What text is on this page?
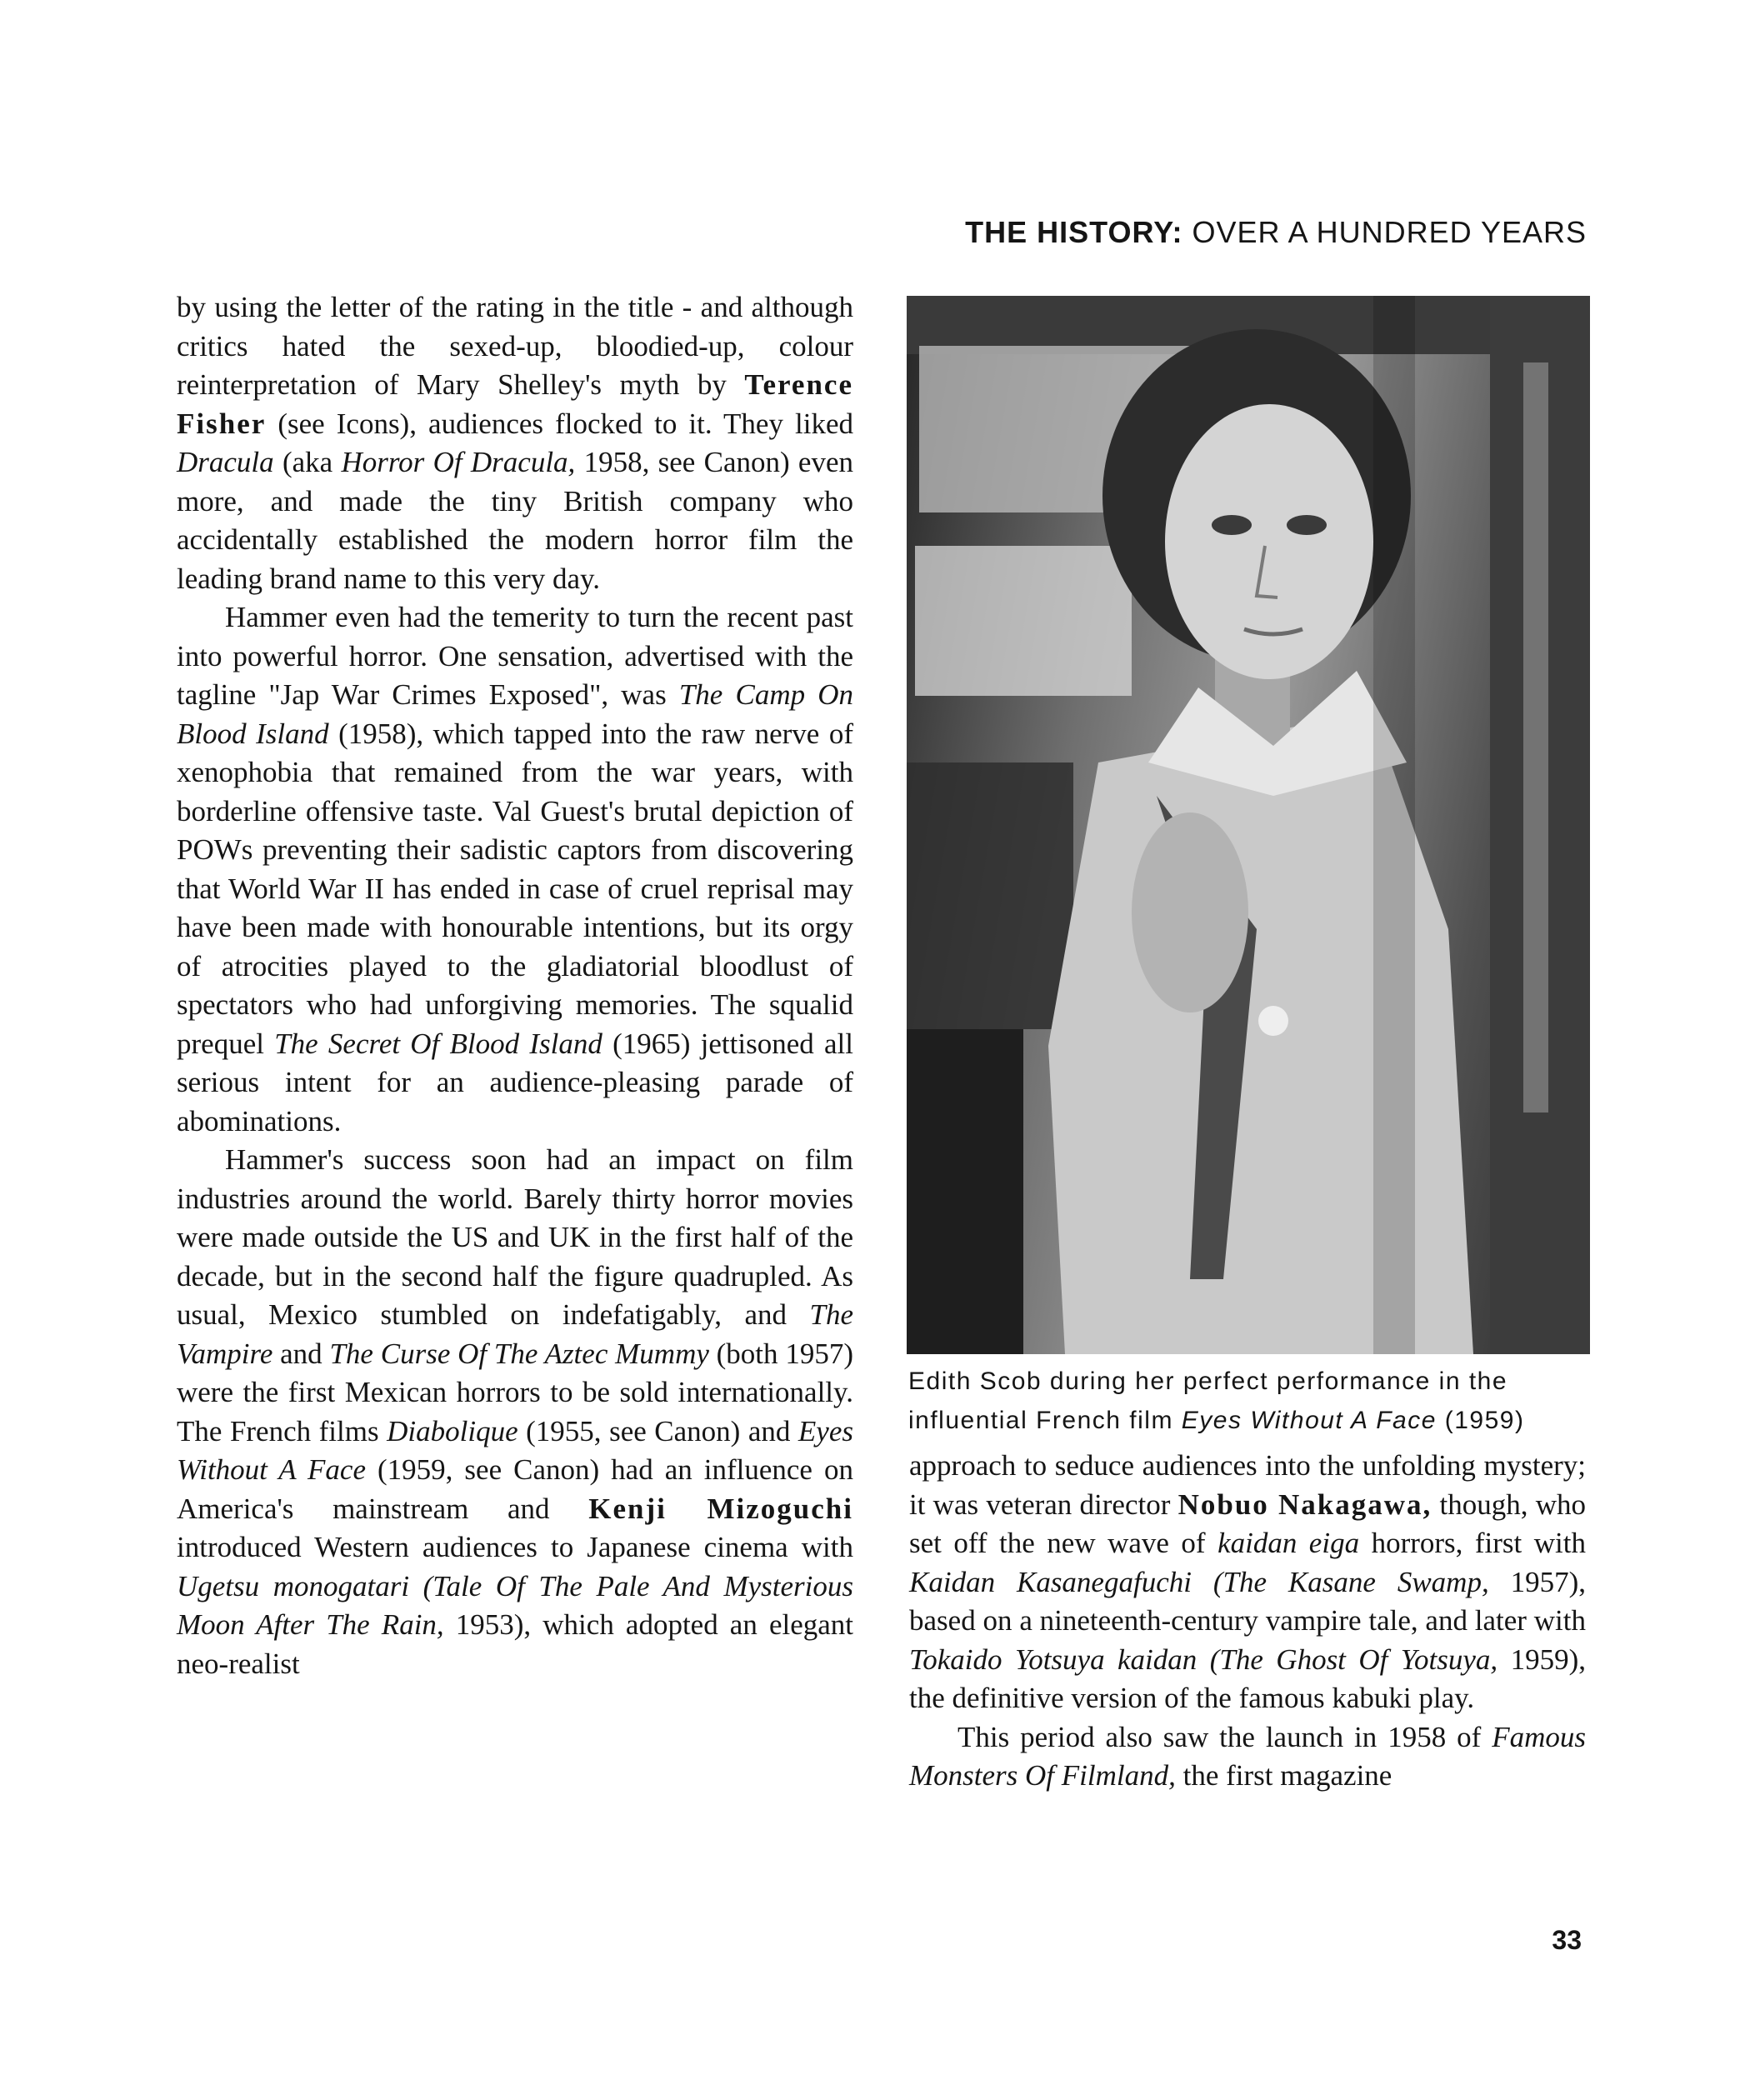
THE HISTORY: OVER A HUNDRED YEARS

by using the letter of the rating in the title - and although critics hated the sexed-up, bloodied-up, colour reinterpretation of Mary Shelley's myth by Terence Fisher (see Icons), audiences flocked to it. They liked Dracula (aka Horror Of Dracula, 1958, see Canon) even more, and made the tiny British company who accidentally established the modern horror film the leading brand name to this very day.

Hammer even had the temerity to turn the recent past into powerful horror. One sensation, advertised with the tagline "Jap War Crimes Exposed", was The Camp On Blood Island (1958), which tapped into the raw nerve of xenophobia that remained from the war years, with borderline offensive taste. Val Guest's brutal depiction of POWs preventing their sadistic captors from discovering that World War II has ended in case of cruel reprisal may have been made with honourable intentions, but its orgy of atrocities played to the gladiatorial bloodlust of spectators who had unforgiving memories. The squalid prequel The Secret Of Blood Island (1965) jettisoned all serious intent for an audience-pleasing parade of abominations.

Hammer's success soon had an impact on film industries around the world. Barely thirty horror movies were made outside the US and UK in the first half of the decade, but in the second half the figure quadrupled. As usual, Mexico stumbled on indefatigably, and The Vampire and The Curse Of The Aztec Mummy (both 1957) were the first Mexican horrors to be sold internationally. The French films Diabolique (1955, see Canon) and Eyes Without A Face (1959, see Canon) had an influence on America's mainstream and Kenji Mizoguchi introduced Western audiences to Japanese cinema with Ugetsu monogatari (Tale Of The Pale And Mysterious Moon After The Rain, 1953), which adopted an elegant neo-realist

Edith Scob during her perfect performance in the
influential French film Eyes Without A Face (1959)

approach to seduce audiences into the unfolding mystery; it was veteran director Nobuo Nakagawa, though, who set off the new wave of kaidan eiga horrors, first with Kaidan Kasanegafuchi (The Kasane Swamp, 1957), based on a nineteenth-century vampire tale, and later with Tokaido Yotsuya kaidan (The Ghost Of Yotsuya, 1959), the definitive version of the famous kabuki play.

This period also saw the launch in 1958 of Famous Monsters Of Filmland, the first magazine

33
